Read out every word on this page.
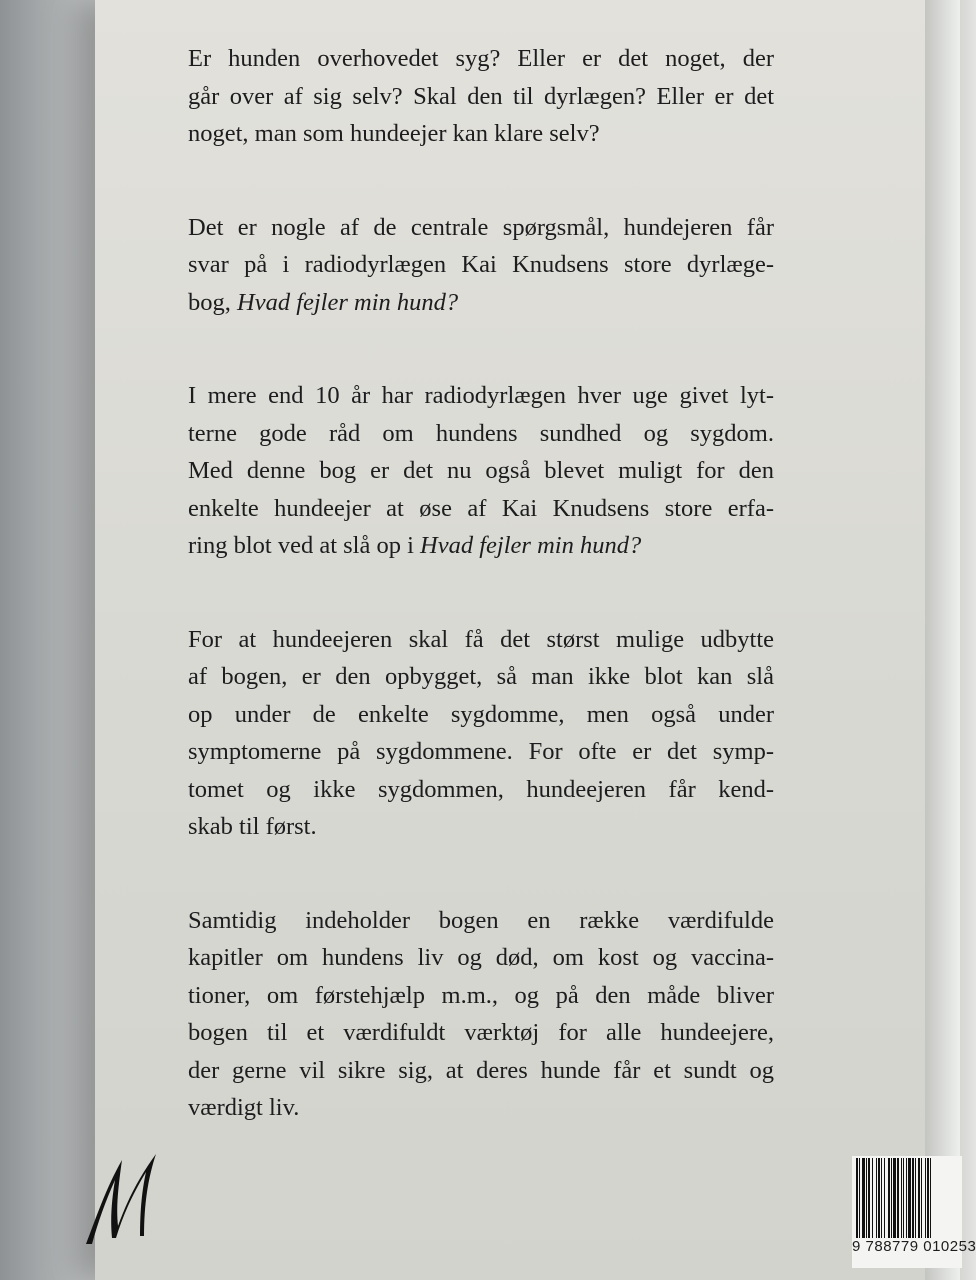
Er hunden overhovedet syg? Eller er det noget, der
går over af sig selv? Skal den til dyrlægen? Eller er det
noget, man som hundeejer kan klare selv?
Det er nogle af de centrale spørgsmål, hundejeren får
svar på i radiodyrlægen Kai Knudsens store dyrlæge-
bog, Hvad fejler min hund?
I mere end 10 år har radiodyrlægen hver uge givet lyt-
terne gode råd om hundens sundhed og sygdom.
Med denne bog er det nu også blevet muligt for den
enkelte hundeejer at øse af Kai Knudsens store erfa-
ring blot ved at slå op i Hvad fejler min hund?
For at hundeejeren skal få det størst mulige udbytte
af bogen, er den opbygget, så man ikke blot kan slå
op under de enkelte sygdomme, men også under
symptomerne på sygdommene. For ofte er det symp-
tomet og ikke sygdommen, hundeejeren får kend-
skab til først.
Samtidig indeholder bogen en række værdifulde
kapitler om hundens liv og død, om kost og vaccina-
tioner, om førstehjælp m.m., og på den måde bliver
bogen til et værdifuldt værktøj for alle hundeejere,
der gerne vil sikre sig, at deres hunde får et sundt og
værdigt liv.
9 788779 010253
